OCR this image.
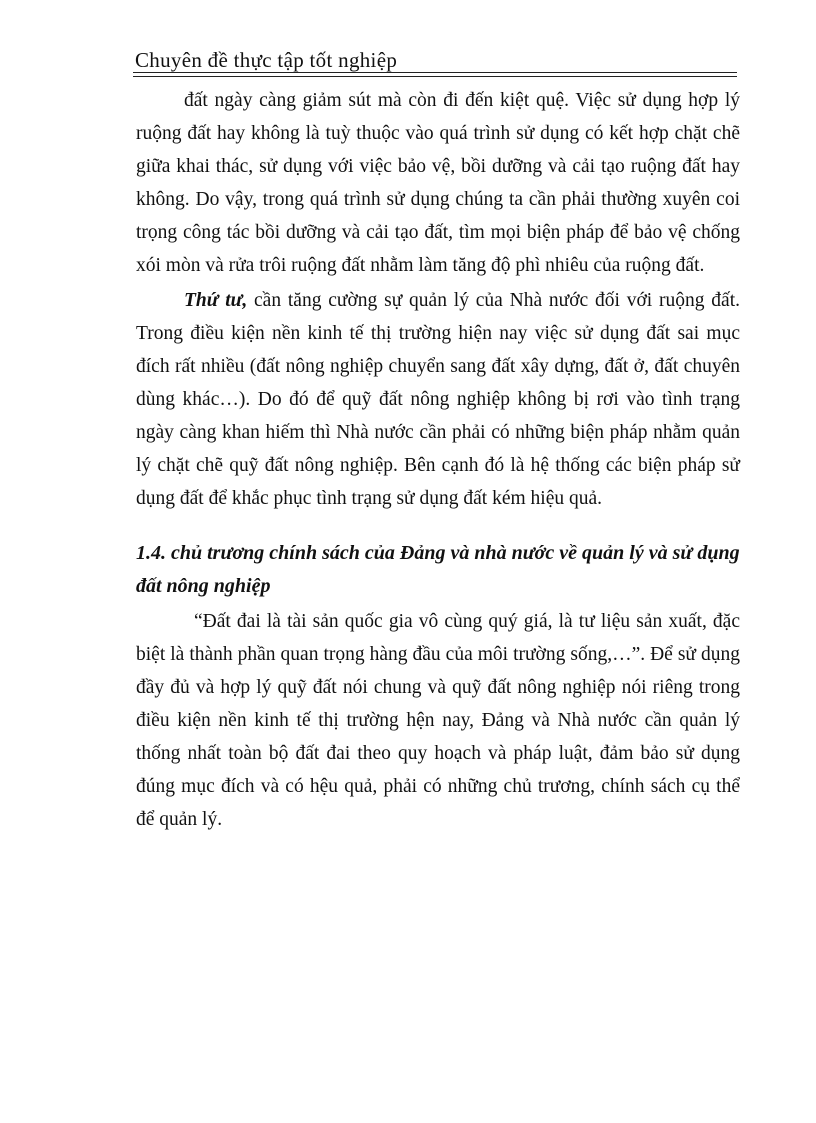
Chuyên đề thực tập tốt nghiệp

đất ngày càng giảm sút mà còn đi đến kiệt quệ. Việc sử dụng hợp lý ruộng đất hay không là tuỳ thuộc vào quá trình sử dụng có kết hợp chặt chẽ giữa khai thác, sử dụng với việc bảo vệ, bồi dưỡng và cải tạo ruộng đất hay không. Do vậy, trong quá trình sử dụng chúng ta cần phải thường xuyên coi trọng công tác bồi dưỡng và cải tạo đất, tìm mọi biện pháp để bảo vệ chống xói mòn và rửa trôi ruộng đất nhằm làm tăng độ phì nhiêu của ruộng đất.

Thứ tư, cần tăng cường sự quản lý của Nhà nước đối với ruộng đất. Trong điều kiện nền kinh tế thị trường hiện nay việc sử dụng đất sai mục đích rất nhiều (đất nông nghiệp chuyển sang đất xây dựng, đất ở, đất chuyên dùng khác…). Do đó để quỹ đất nông nghiệp không bị rơi vào tình trạng ngày càng khan hiếm thì Nhà nước cần phải có những biện pháp nhằm quản lý chặt chẽ quỹ đất nông nghiệp. Bên cạnh đó là hệ thống các biện pháp sử dụng đất để khắc phục tình trạng sử dụng đất kém hiệu quả.

1.4. chủ trương chính sách của Đảng và nhà nước về quản lý và sử dụng đất nông nghiệp

“Đất đai là tài sản quốc gia vô cùng quý giá, là tư liệu sản xuất, đặc biệt là thành phần quan trọng hàng đầu của môi trường sống,…”. Để sử dụng đầy đủ và hợp lý quỹ đất nói chung và quỹ đất nông nghiệp nói riêng trong điều kiện nền kinh tế thị trường hện nay, Đảng và Nhà nước cần quản lý thống nhất toàn bộ đất đai theo quy hoạch và pháp luật, đảm bảo sử dụng đúng mục đích và có hệu quả, phải có những chủ trương, chính sách cụ thể để quản lý.
